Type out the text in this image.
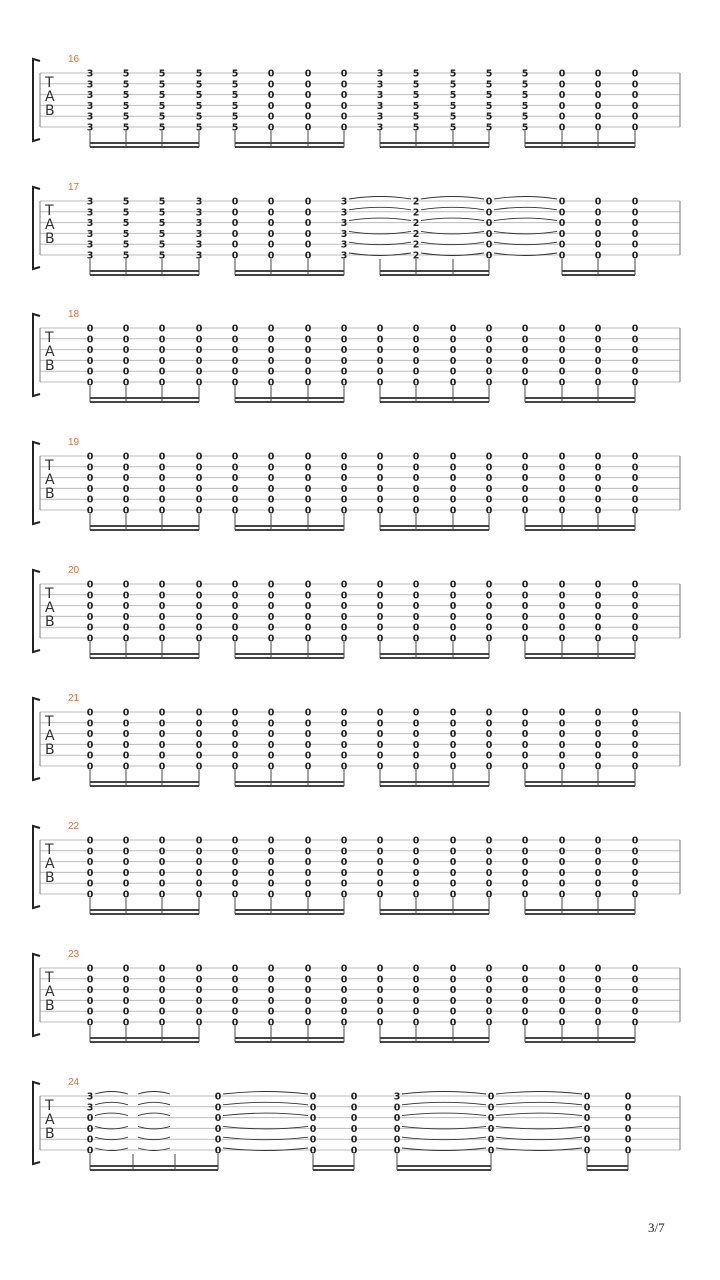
T
A
B
16
3
3
3
3
3
3
5
5
5
5
5
5
5
5
5
5
5
5
5
5
5
5
5
5
5
5
5
5
5
5
0
0
0
0
0
0
0
0
0
0
0
0
0
0
0
0
0
0
3
3
3
3
3
3
5
5
5
5
5
5
5
5
5
5
5
5
5
5
5
5
5
5
5
5
5
5
5
5
0
0
0
0
0
0
0
0
0
0
0
0
0
0
0
0
0
0
T
A
B
17
3
3
3
3
3
3
5
5
5
5
5
5
5
5
5
5
5
5
3
3
3
3
3
3
0
0
0
0
0
0
0
0
0
0
0
0
0
0
0
0
0
0
3
3
3
3
3
3
2
2
2
2
2
2
0
0
0
0
0
0
0
0
0
0
0
0
0
0
0
0
0
0
0
0
0
0
0
0
T
A
B
18
0
0
0
0
0
0
0
0
0
0
0
0
0
0
0
0
0
0
0
0
0
0
0
0
0
0
0
0
0
0
0
0
0
0
0
0
0
0
0
0
0
0
0
0
0
0
0
0
0
0
0
0
0
0
0
0
0
0
0
0
0
0
0
0
0
0
0
0
0
0
0
0
0
0
0
0
0
0
0
0
0
0
0
0
0
0
0
0
0
0
0
0
0
0
0
0
T
A
B
19
0
0
0
0
0
0
0
0
0
0
0
0
0
0
0
0
0
0
0
0
0
0
0
0
0
0
0
0
0
0
0
0
0
0
0
0
0
0
0
0
0
0
0
0
0
0
0
0
0
0
0
0
0
0
0
0
0
0
0
0
0
0
0
0
0
0
0
0
0
0
0
0
0
0
0
0
0
0
0
0
0
0
0
0
0
0
0
0
0
0
0
0
0
0
0
0
T
A
B
20
0
0
0
0
0
0
0
0
0
0
0
0
0
0
0
0
0
0
0
0
0
0
0
0
0
0
0
0
0
0
0
0
0
0
0
0
0
0
0
0
0
0
0
0
0
0
0
0
0
0
0
0
0
0
0
0
0
0
0
0
0
0
0
0
0
0
0
0
0
0
0
0
0
0
0
0
0
0
0
0
0
0
0
0
0
0
0
0
0
0
0
0
0
0
0
0
T
A
B
21
0
0
0
0
0
0
0
0
0
0
0
0
0
0
0
0
0
0
0
0
0
0
0
0
0
0
0
0
0
0
0
0
0
0
0
0
0
0
0
0
0
0
0
0
0
0
0
0
0
0
0
0
0
0
0
0
0
0
0
0
0
0
0
0
0
0
0
0
0
0
0
0
0
0
0
0
0
0
0
0
0
0
0
0
0
0
0
0
0
0
0
0
0
0
0
0
T
A
B
22
0
0
0
0
0
0
0
0
0
0
0
0
0
0
0
0
0
0
0
0
0
0
0
0
0
0
0
0
0
0
0
0
0
0
0
0
0
0
0
0
0
0
0
0
0
0
0
0
0
0
0
0
0
0
0
0
0
0
0
0
0
0
0
0
0
0
0
0
0
0
0
0
0
0
0
0
0
0
0
0
0
0
0
0
0
0
0
0
0
0
0
0
0
0
0
0
T
A
B
23
0
0
0
0
0
0
0
0
0
0
0
0
0
0
0
0
0
0
0
0
0
0
0
0
0
0
0
0
0
0
0
0
0
0
0
0
0
0
0
0
0
0
0
0
0
0
0
0
0
0
0
0
0
0
0
0
0
0
0
0
0
0
0
0
0
0
0
0
0
0
0
0
0
0
0
0
0
0
0
0
0
0
0
0
0
0
0
0
0
0
0
0
0
0
0
0
T
A
B
24
3
3
0
0
0
0
0
0
0
0
0
0
0
0
0
0
0
0
0
0
0
0
0
0
3
0
0
0
0
0
0
0
0
0
0
0
0
0
0
0
0
0
0
0
0
0
0
0
3/7
